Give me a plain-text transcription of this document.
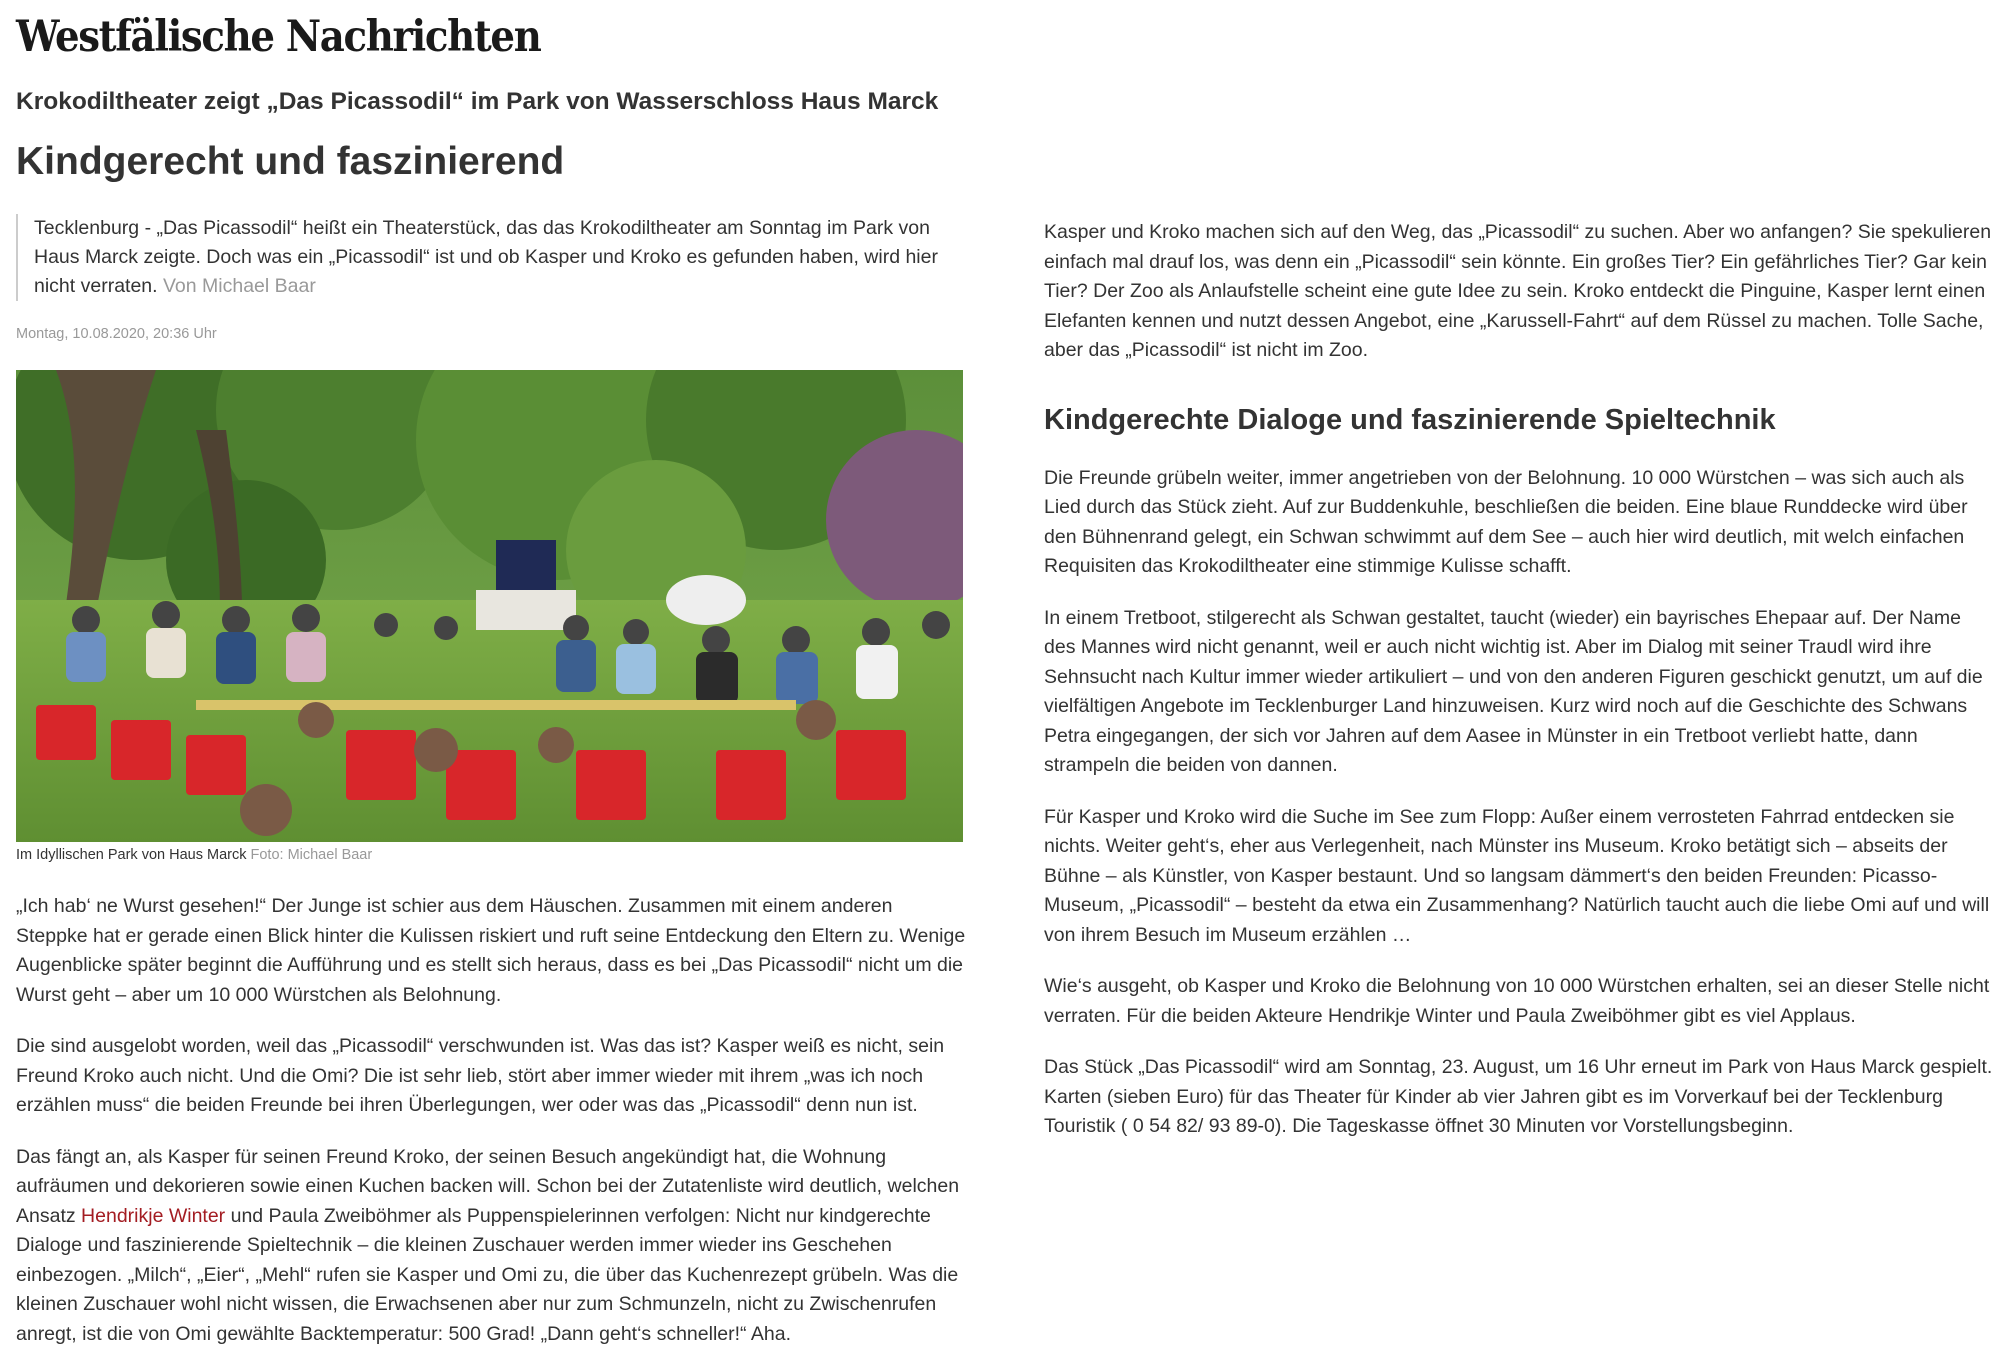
Westfälische Nachrichten
Krokodiltheater zeigt „Das Picassodil“ im Park von Wasserschloss Haus Marck
Kindgerecht und faszinierend
Tecklenburg - „Das Picassodil“ heißt ein Theaterstück, das das Krokodiltheater am Sonntag im Park von Haus Marck zeigte. Doch was ein „Picassodil“ ist und ob Kasper und Kroko es gefunden haben, wird hier nicht verraten. Von Michael Baar
Montag, 10.08.2020, 20:36 Uhr
Im Idyllischen Park von Haus Marck Foto: Michael Baar

„Ich hab‘ ne Wurst gesehen!“ Der Junge ist schier aus dem Häuschen. Zusammen mit einem anderen Steppke hat er gerade einen Blick hinter die Kulissen riskiert und ruft seine Entdeckung den Eltern zu. Wenige Augenblicke später beginnt die Aufführung und es stellt sich heraus, dass es bei „Das Picassodil“ nicht um die Wurst geht – aber um 10 000 Würstchen als Belohnung.

Die sind ausgelobt worden, weil das „Picassodil“ verschwunden ist. Was das ist? Kasper weiß es nicht, sein Freund Kroko auch nicht. Und die Omi? Die ist sehr lieb, stört aber immer wieder mit ihrem „was ich noch erzählen muss“ die beiden Freunde bei ihren Überlegungen, wer oder was das „Picassodil“ denn nun ist.

Das fängt an, als Kasper für seinen Freund Kroko, der seinen Besuch angekündigt hat, die Wohnung aufräumen und dekorieren sowie einen Kuchen backen will. Schon bei der Zutatenliste wird deutlich, welchen Ansatz Hendrikje Winter und Paula Zweiböhmer als Puppenspielerinnen verfolgen: Nicht nur kindgerechte Dialoge und faszinierende Spieltechnik – die kleinen Zuschauer werden immer wieder ins Geschehen einbezogen. „Milch“, „Eier“, „Mehl“ rufen sie Kasper und Omi zu, die über das Kuchenrezept grübeln. Was die kleinen Zuschauer wohl nicht wissen, die Erwachsenen aber nur zum Schmunzeln, nicht zu Zwischenrufen anregt, ist die von Omi gewählte Backtemperatur: 500 Grad! „Dann geht‘s schneller!“ Aha.

Kasper und Kroko machen sich auf den Weg, das „Picassodil“ zu suchen. Aber wo anfangen? Sie spekulieren einfach mal drauf los, was denn ein „Picassodil“ sein könnte. Ein großes Tier? Ein gefährliches Tier? Gar kein Tier? Der Zoo als Anlaufstelle scheint eine gute Idee zu sein. Kroko entdeckt die Pinguine, Kasper lernt einen Elefanten kennen und nutzt dessen Angebot, eine „Karussell-Fahrt“ auf dem Rüssel zu machen. Tolle Sache, aber das „Picassodil“ ist nicht im Zoo.

Kindgerechte Dialoge und faszinierende Spieltechnik

Die Freunde grübeln weiter, immer angetrieben von der Belohnung. 10 000 Würstchen – was sich auch als Lied durch das Stück zieht. Auf zur Buddenkuhle, beschließen die beiden. Eine blaue Runddecke wird über den Bühnenrand gelegt, ein Schwan schwimmt auf dem See – auch hier wird deutlich, mit welch einfachen Requisiten das Krokodiltheater eine stimmige Kulisse schafft.

In einem Tretboot, stilgerecht als Schwan gestaltet, taucht (wieder) ein bayrisches Ehepaar auf. Der Name des Mannes wird nicht genannt, weil er auch nicht wichtig ist. Aber im Dialog mit seiner Traudl wird ihre Sehnsucht nach Kultur immer wieder artikuliert – und von den anderen Figuren geschickt genutzt, um auf die vielfältigen Angebote im Tecklenburger Land hinzuweisen. Kurz wird noch auf die Geschichte des Schwans Petra eingegangen, der sich vor Jahren auf dem Aasee in Münster in ein Tretboot verliebt hatte, dann strampeln die beiden von dannen.

Für Kasper und Kroko wird die Suche im See zum Flopp: Außer einem verrosteten Fahrrad entdecken sie nichts. Weiter geht‘s, eher aus Verlegenheit, nach Münster ins Museum. Kroko betätigt sich – abseits der Bühne – als Künstler, von Kasper bestaunt. Und so langsam dämmert‘s den beiden Freunden: Picasso-Museum, „Picassodil“ – besteht da etwa ein Zusammenhang? Natürlich taucht auch die liebe Omi auf und will von ihrem Besuch im Museum erzählen …

Wie‘s ausgeht, ob Kasper und Kroko die Belohnung von 10 000 Würstchen erhalten, sei an dieser Stelle nicht verraten. Für die beiden Akteure Hendrikje Winter und Paula Zweiböhmer gibt es viel Applaus.

Das Stück „Das Picassodil“ wird am Sonntag, 23. August, um 16 Uhr erneut im Park von Haus Marck gespielt. Karten (sieben Euro) für das Theater für Kinder ab vier Jahren gibt es im Vorverkauf bei der Tecklenburg Touristik ( 0 54 82/ 93 89-0). Die Tageskasse öffnet 30 Minuten vor Vorstellungsbeginn.
